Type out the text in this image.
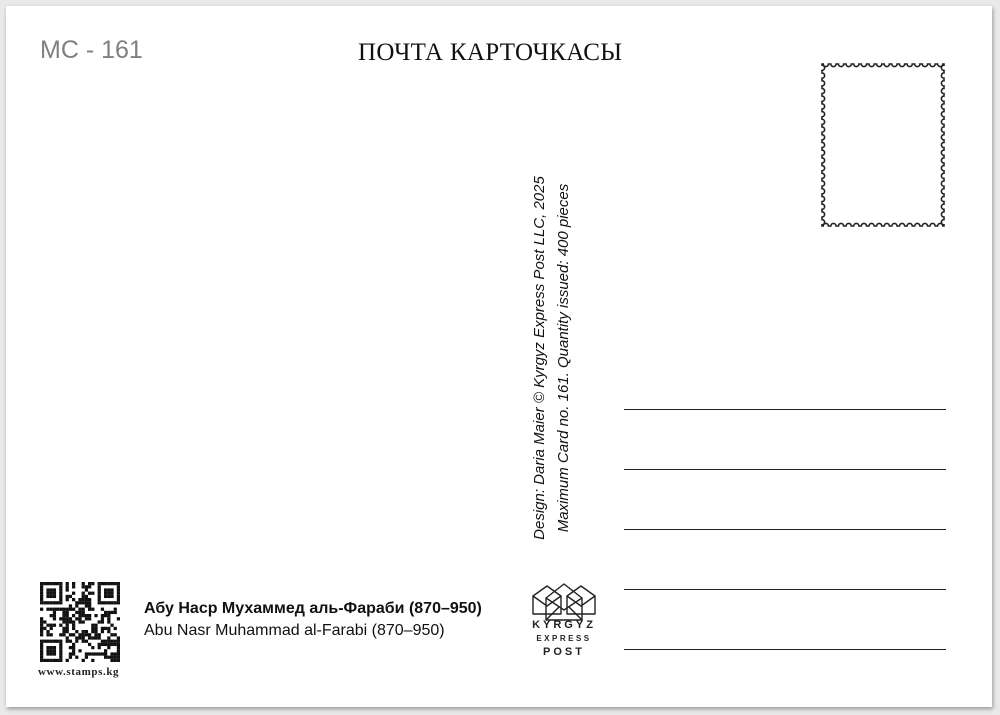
MC - 161	ПОЧТА КАРТОЧКАСЫ
Design: Daria Maier © Kyrgyz Express Post LLC, 2025 Maximum Card no. 161. Quantity issued: 400 pieces
www.stamps.kg
Абу Наср Мухаммед аль-Фараби (870–950)
Abu Nasr Muhammad al-Farabi (870–950)	KYRGYZ
EXPRESS
POST
